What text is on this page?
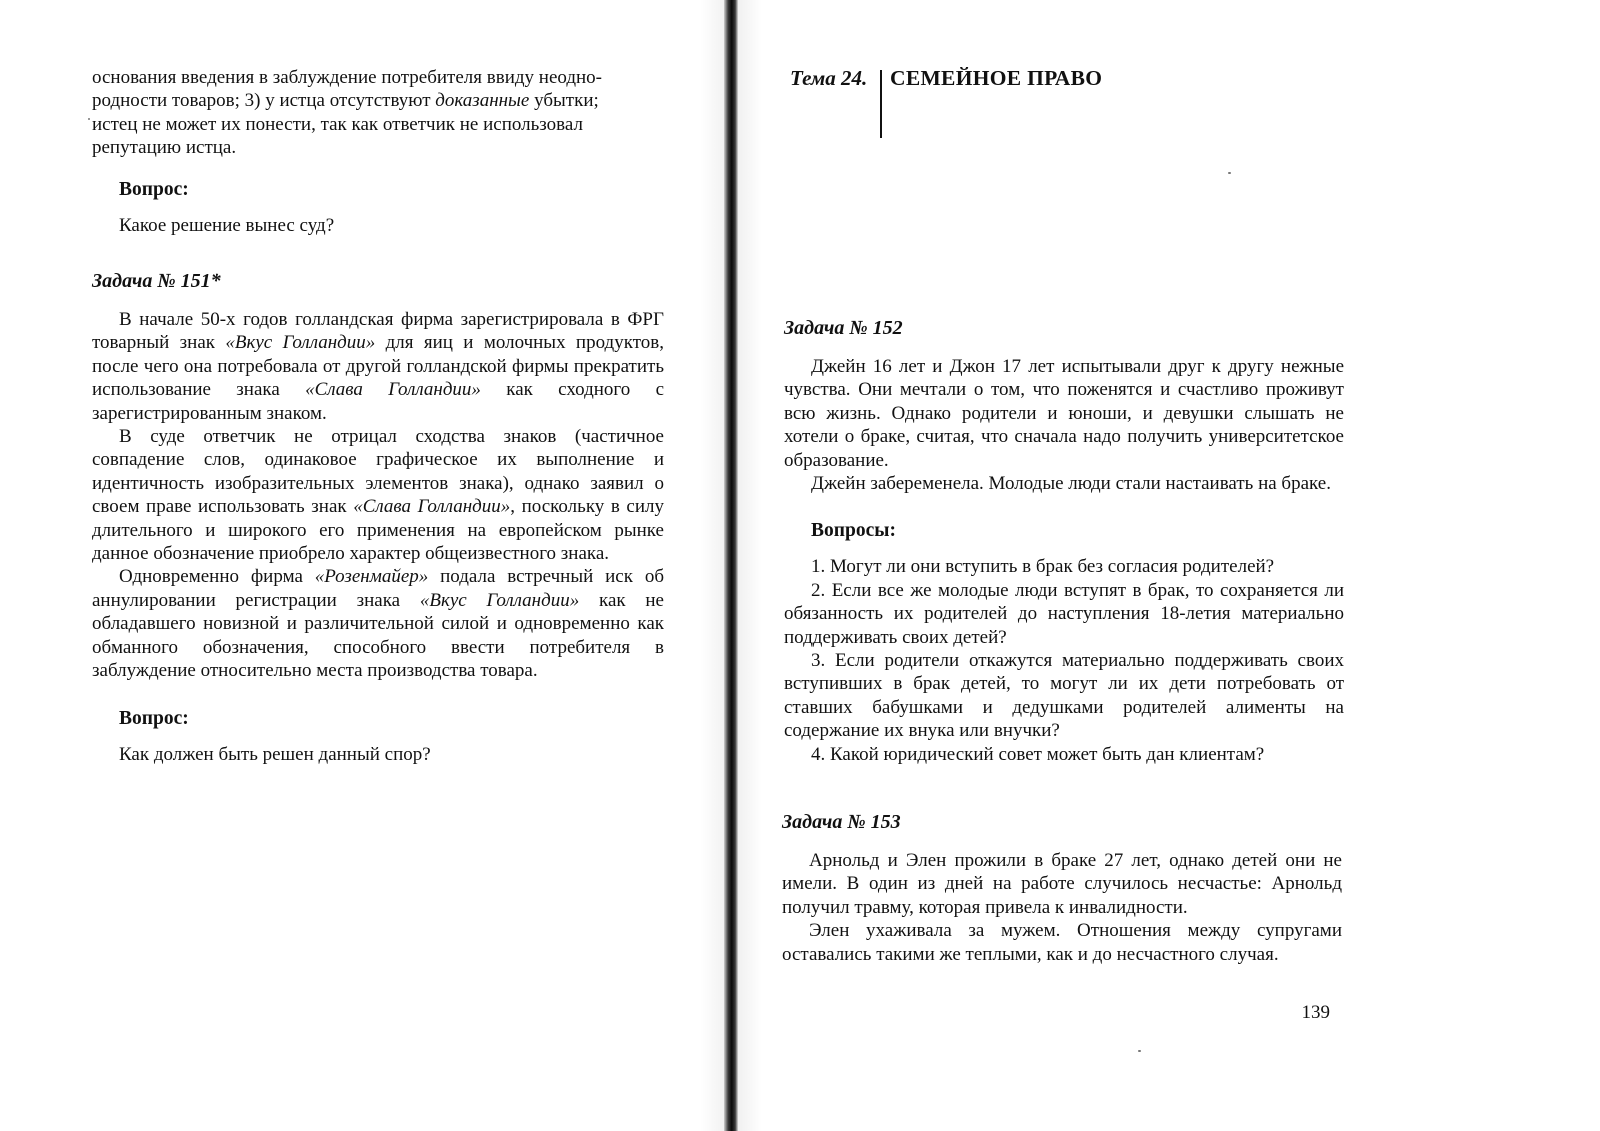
основания введения в заблуждение потребителя ввиду неодно-
родности товаров; 3) у истца отсутствуют доказанные убытки;
истец не может их понести, так как ответчик не использовал
репутацию истца.

Вопрос:
Какое решение вынес суд?
Задача № 151*

В начале 50-х годов голландская фирма зарегистрировала в ФРГ товарный знак «Вкус Голландии» для яиц и молочных продуктов, после чего она потребовала от другой голландской фирмы прекратить использование знака «Слава Голландии» как сходного с зарегистрированным знаком.

В суде ответчик не отрицал сходства знаков (частичное совпадение слов, одинаковое графическое их выполнение и идентичность изобразительных элементов знака), однако заявил о своем праве использовать знак «Слава Голландии», поскольку в силу длительного и широкого его применения на европейском рынке данное обозначение приобрело характер общеизвестного знака.

Одновременно фирма «Розенмайер» подала встречный иск об аннулировании регистрации знака «Вкус Голландии» как не обладавшего новизной и различительной силой и одновременно как обманного обозначения, способного ввести потребителя в заблуждение относительно места производства товара.

Вопрос:
Как должен быть решен данный спор?
Тема 24. СЕМЕЙНОЕ ПРАВО
Задача № 152

Джейн 16 лет и Джон 17 лет испытывали друг к другу нежные чувства. Они мечтали о том, что поженятся и счастливо проживут всю жизнь. Однако родители и юноши, и девушки слышать не хотели о браке, считая, что сначала надо получить университетское образование.

Джейн забеременела. Молодые люди стали настаивать на браке.

Вопросы:

1. Могут ли они вступить в брак без согласия родителей?

2. Если все же молодые люди вступят в брак, то сохраняется ли обязанность их родителей до наступления 18-летия материально поддерживать своих детей?

3. Если родители откажутся материально поддерживать своих вступивших в брак детей, то могут ли их дети потребовать от ставших бабушками и дедушками родителей алименты на содержание их внука или внучки?

4. Какой юридический совет может быть дан клиентам?

Задача № 153

Арнольд и Элен прожили в браке 27 лет, однако детей они не имели. В один из дней на работе случилось несчастье: Арнольд получил травму, которая привела к инвалидности.

Элен ухаживала за мужем. Отношения между супругами оставались такими же теплыми, как и до несчастного случая.

139
